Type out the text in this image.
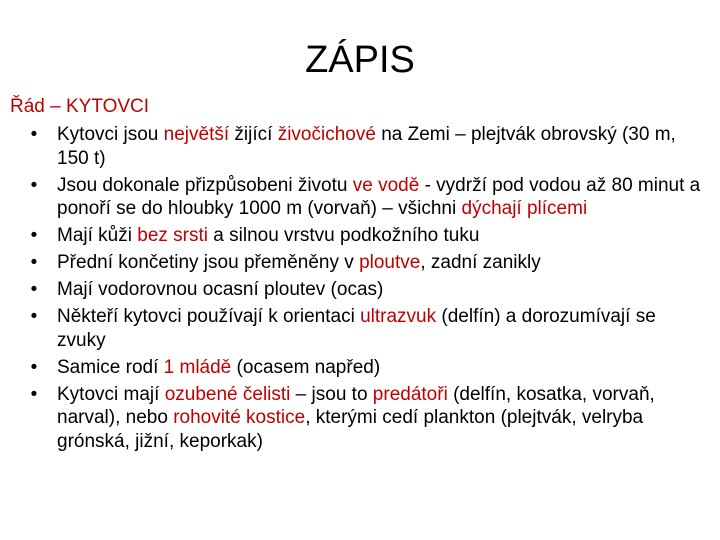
ZÁPIS
Řád – KYTOVCI
• Kytovci jsou největší žijící živočichové na Zemi – plejtvák obrovský (30 m, 150 t)
• Jsou dokonale přizpůsobeni životu ve vodě - vydrží pod vodou až 80 minut a ponoří se do hloubky 1000 m (vorvaň) – všichni dýchají plícemi
• Mají kůži bez srsti a silnou vrstvu podkožního tuku
• Přední končetiny jsou přeměněny v ploutve, zadní zanikly
• Mají vodorovnou ocasní ploutev (ocas)
• Někteří kytovci používají k orientaci ultrazvuk (delfín) a dorozumívají se zvuky
• Samice rodí 1 mládě (ocasem napřed)
• Kytovci mají ozubené čelisti – jsou to predátoři (delfín, kosatka, vorvaň, narval), nebo rohovité kostice, kterými cedí plankton (plejtvák, velryba grónská, jižní, keporkak)
